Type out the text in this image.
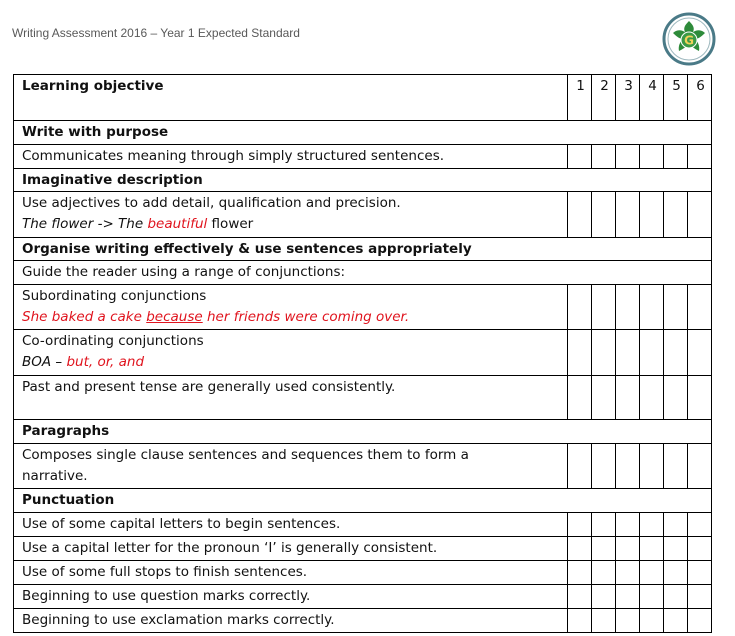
Writing Assessment 2016 – Year 1 Expected Standard
G
Learning objective	1	2	3	4	5	6
Write with purpose						
Communicates meaning through simply structured sentences.						
Imaginative description						

Use adjectives to add detail, qualification and precision.
The flower -> The beautiful flower						

Organise writing effectively & use sentences appropriately						
Guide the reader using a range of conjunctions:						

Subordinating conjunctions
She baked a cake because her friends were coming over.						

Co-ordinating conjunctions
BOA – but, or, and						

Past and present tense are generally used consistently.						
Paragraphs						

Composes single clause sentences and sequences them to form a
narrative.						

Punctuation						
Use of some capital letters to begin sentences.						
Use a capital letter for the pronoun ‘I’ is generally consistent.						
Use of some full stops to finish sentences.						
Beginning to use question marks correctly.						
Beginning to use exclamation marks correctly.						
